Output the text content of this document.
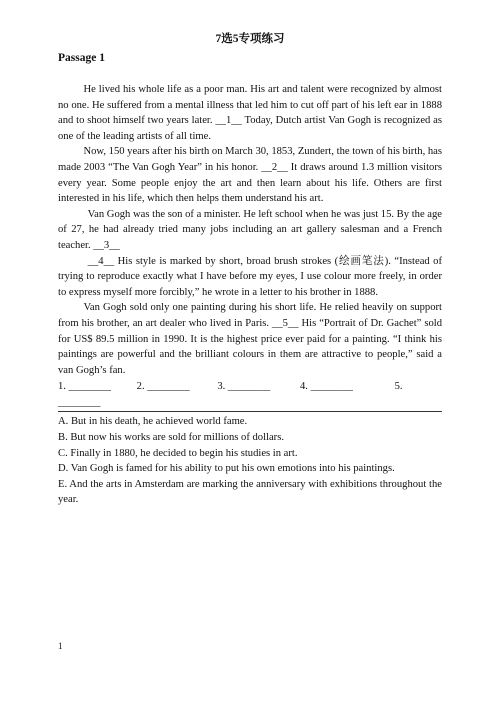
7选5专项练习
Passage 1

He lived his whole life as a poor man. His art and talent were recognized by almost no one. He suffered from a mental illness that led him to cut off part of his left ear in 1888 and to shoot himself two years later. __1__ Today, Dutch artist Van Gogh is recognized as one of the leading artists of all time.

Now, 150 years after his birth on March 30, 1853, Zundert, the town of his birth, has made 2003 “The Van Gogh Year” in his honor. __2__ It draws around 1.3 million visitors every year. Some people enjoy the art and then learn about his life. Others are first interested in his life, which then helps them understand his art.

Van Gogh was the son of a minister. He left school when he was just 15. By the age of 27, he had already tried many jobs including an art gallery salesman and a French teacher. __3__

__4__ His style is marked by short, broad brush strokes (绘画笔法). “Instead of trying to reproduce exactly what I have before my eyes, I use colour more freely, in order to express myself more forcibly,” he wrote in a letter to his brother in 1888.

Van Gogh sold only one painting during his short life. He relied heavily on support from his brother, an art dealer who lived in Paris. __5__ His “Portrait of Dr. Gachet” sold for US$ 89.5 million in 1990. It is the highest price ever paid for a painting. “I think his paintings are powerful and the brilliant colours in them are attractive to people,” said a van Gogh’s fan.

1. ________ 2. ________	3. ________	4. ________	5.
________

A. But in his death, he achieved world fame.

B. But now his works are sold for millions of dollars.

C. Finally in 1880, he decided to begin his studies in art.

D. Van Gogh is famed for his ability to put his own emotions into his paintings.

E. And the arts in Amsterdam are marking the anniversary with exhibitions throughout the year.

1
